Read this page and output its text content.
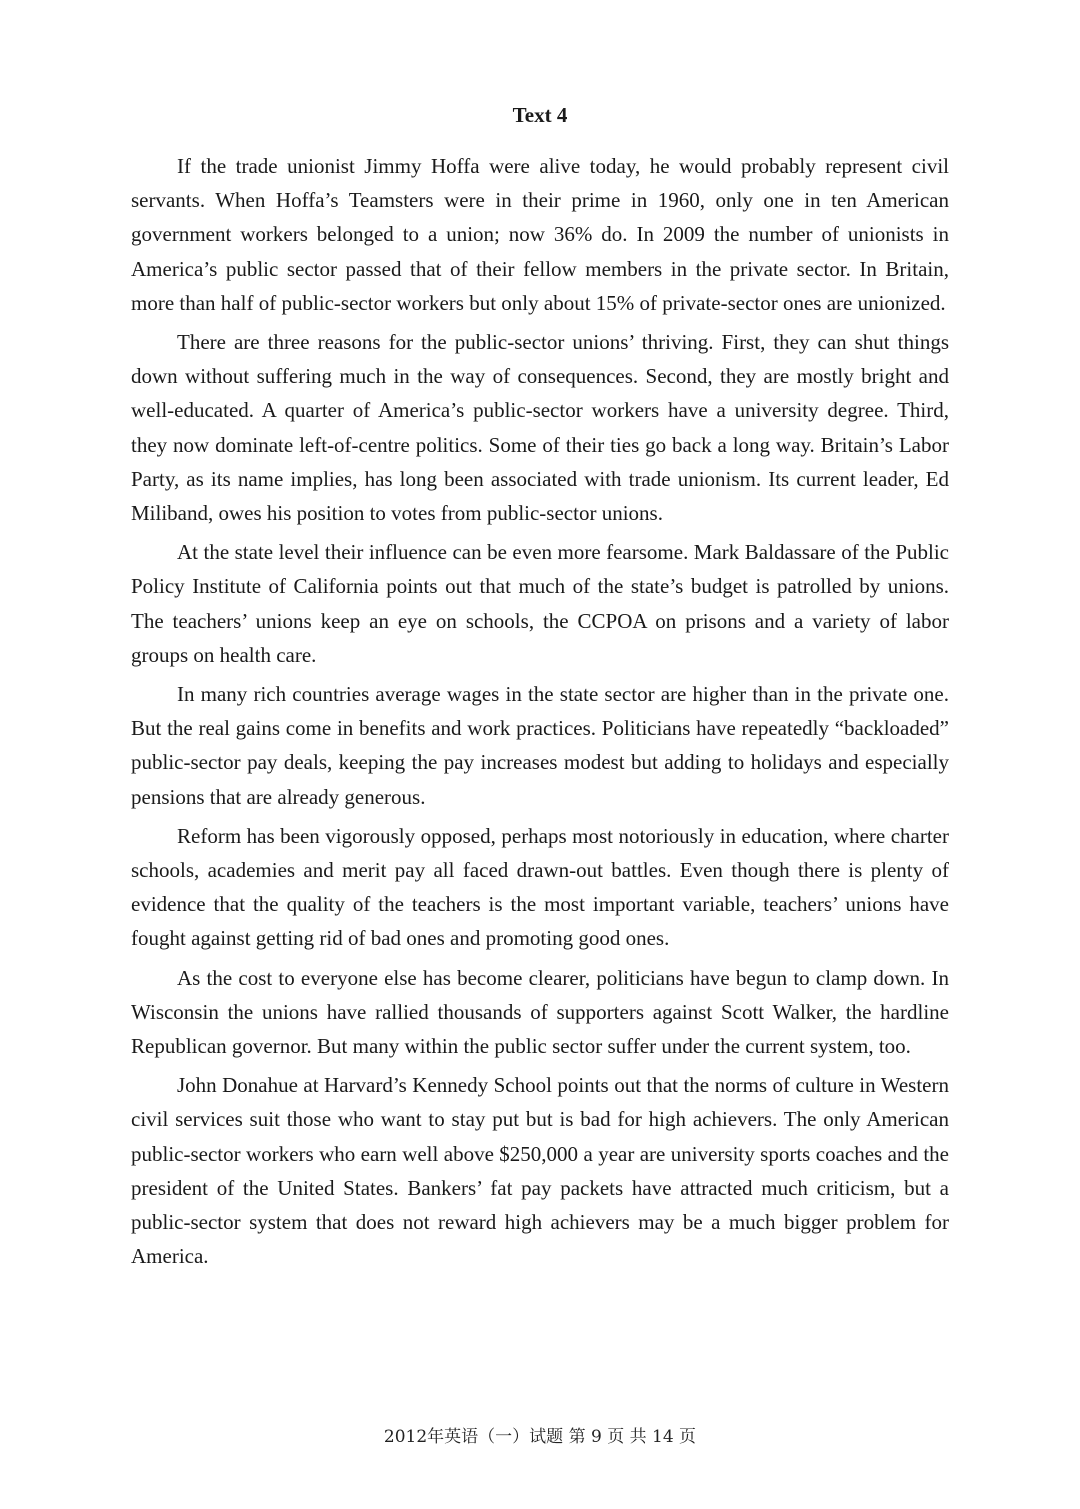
Text 4

If the trade unionist Jimmy Hoffa were alive today, he would probably represent civil servants. When Hoffa’s Teamsters were in their prime in 1960, only one in ten American government workers belonged to a union; now 36% do. In 2009 the number of unionists in America’s public sector passed that of their fellow members in the private sector. In Britain, more than half of public-sector workers but only about 15% of private-sector ones are unionized.

There are three reasons for the public-sector unions’ thriving. First, they can shut things down without suffering much in the way of consequences. Second, they are mostly bright and well-educated. A quarter of America’s public-sector workers have a university degree. Third, they now dominate left-of-centre politics. Some of their ties go back a long way. Britain’s Labor Party, as its name implies, has long been associated with trade unionism. Its current leader, Ed Miliband, owes his position to votes from public-sector unions.

At the state level their influence can be even more fearsome. Mark Baldassare of the Public Policy Institute of California points out that much of the state’s budget is patrolled by unions. The teachers’ unions keep an eye on schools, the CCPOA on prisons and a variety of labor groups on health care.

In many rich countries average wages in the state sector are higher than in the private one. But the real gains come in benefits and work practices. Politicians have repeatedly “backloaded” public-sector pay deals, keeping the pay increases modest but adding to holidays and especially pensions that are already generous.

Reform has been vigorously opposed, perhaps most notoriously in education, where charter schools, academies and merit pay all faced drawn-out battles. Even though there is plenty of evidence that the quality of the teachers is the most important variable, teachers’ unions have fought against getting rid of bad ones and promoting good ones.

As the cost to everyone else has become clearer, politicians have begun to clamp down. In Wisconsin the unions have rallied thousands of supporters against Scott Walker, the hardline Republican governor. But many within the public sector suffer under the current system, too.

John Donahue at Harvard’s Kennedy School points out that the norms of culture in Western civil services suit those who want to stay put but is bad for high achievers. The only American public-sector workers who earn well above $250,000 a year are university sports coaches and the president of the United States. Bankers’ fat pay packets have attracted much criticism, but a public-sector system that does not reward high achievers may be a much bigger problem for America.

2012年英语（一）试题 第 9 页 共 14 页
